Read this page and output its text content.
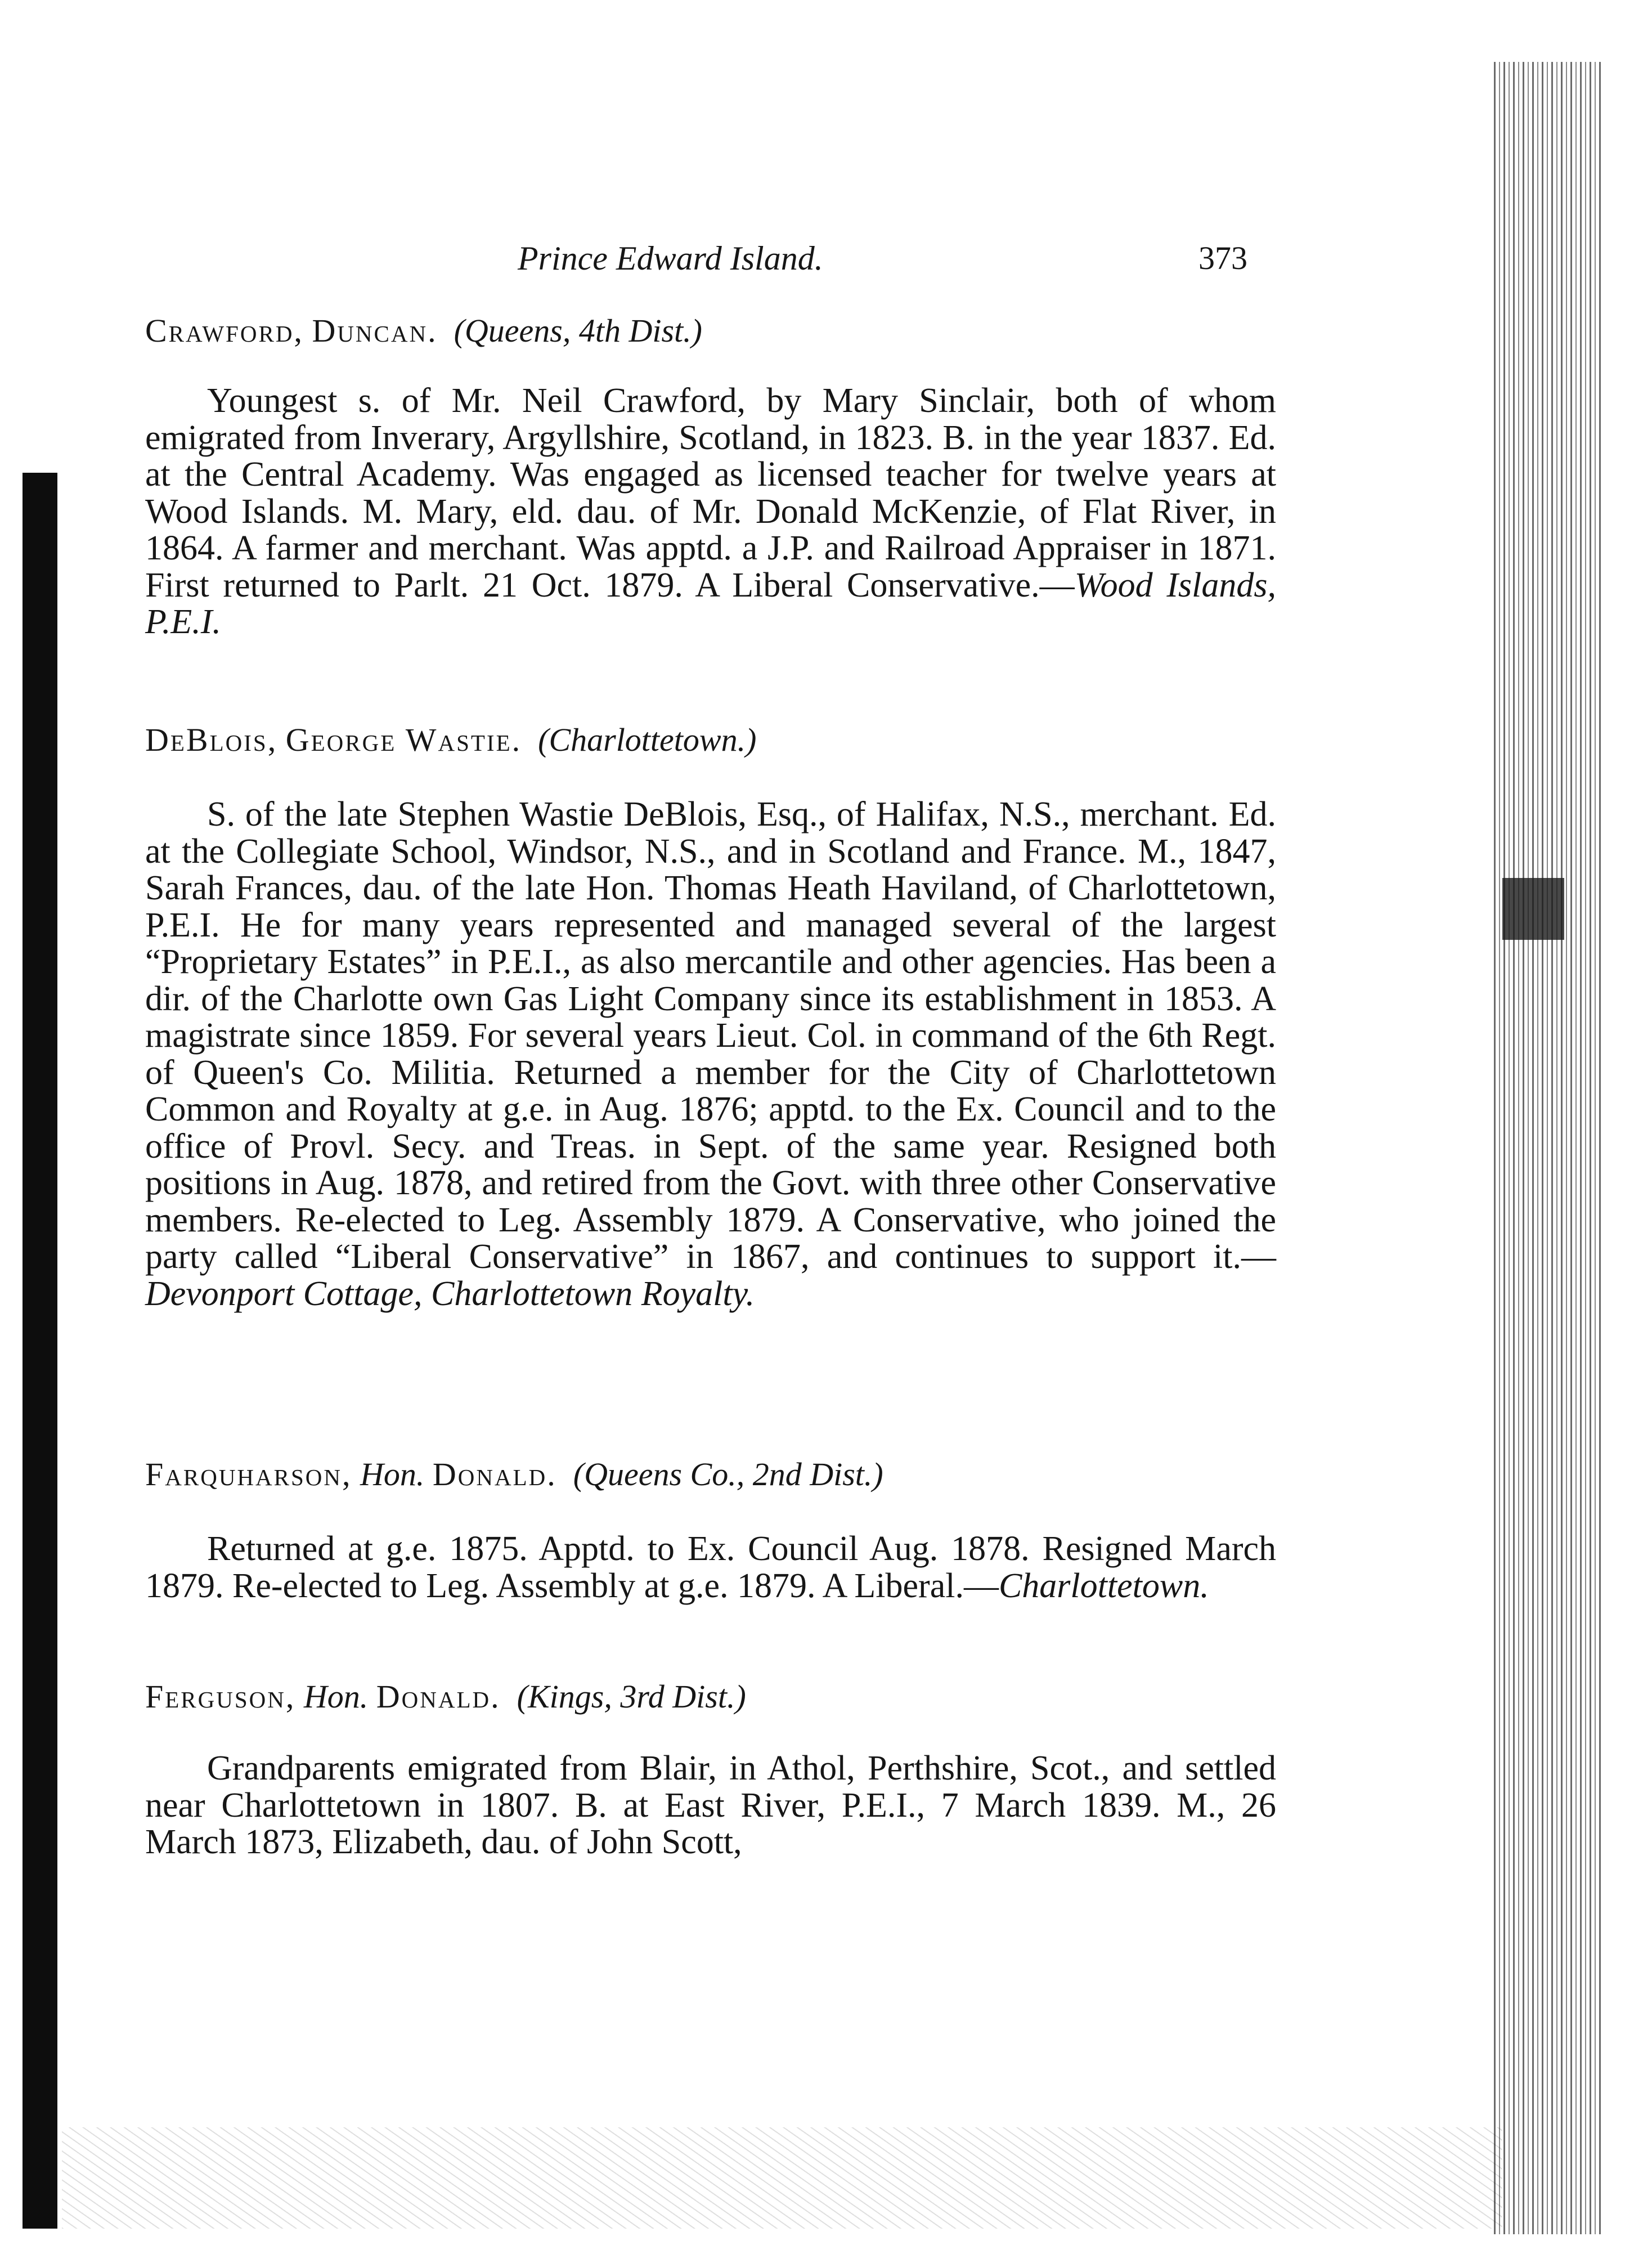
Prince Edward Island.	373

Crawford, Duncan. (Queens, 4th Dist.)

Youngest s. of Mr. Neil Crawford, by Mary Sinclair, both of whom emigrated from Inverary, Argyllshire, Scotland, in 1823. B. in the year 1837. Ed. at the Central Academy. Was engaged as licensed teacher for twelve years at Wood Islands. M. Mary, eld. dau. of Mr. Donald McKenzie, of Flat River, in 1864. A farmer and merchant. Was apptd. a J.P. and Railroad Appraiser in 1871. First returned to Parlt. 21 Oct. 1879. A Liberal Conservative.—Wood Islands, P.E.I.

DeBlois, George Wastie. (Charlottetown.)

S. of the late Stephen Wastie DeBlois, Esq., of Halifax, N.S., merchant. Ed. at the Collegiate School, Windsor, N.S., and in Scotland and France. M., 1847, Sarah Frances, dau. of the late Hon. Thomas Heath Haviland, of Charlottetown, P.E.I. He for many years represented and managed several of the largest “Proprietary Estates” in P.E.I., as also mercantile and other agencies. Has been a dir. of the Charlotte own Gas Light Company since its establishment in 1853. A magistrate since 1859. For several years Lieut. Col. in command of the 6th Regt. of Queen's Co. Militia. Returned a member for the City of Charlottetown Common and Royalty at g.e. in Aug. 1876; apptd. to the Ex. Council and to the office of Provl. Secy. and Treas. in Sept. of the same year. Resigned both positions in Aug. 1878, and retired from the Govt. with three other Conservative members. Re-elected to Leg. Assembly 1879. A Conservative, who joined the party called “Liberal Conservative” in 1867, and continues to support it.—Devonport Cottage, Charlottetown Royalty.

Farquharson, Hon. Donald. (Queens Co., 2nd Dist.)

Returned at g.e. 1875. Apptd. to Ex. Council Aug. 1878. Resigned March 1879. Re-elected to Leg. Assembly at g.e. 1879. A Liberal.—Charlottetown.

Ferguson, Hon. Donald. (Kings, 3rd Dist.)

Grandparents emigrated from Blair, in Athol, Perthshire, Scot., and settled near Charlottetown in 1807. B. at East River, P.E.I., 7 March 1839. M., 26 March 1873, Elizabeth, dau. of John Scott,
